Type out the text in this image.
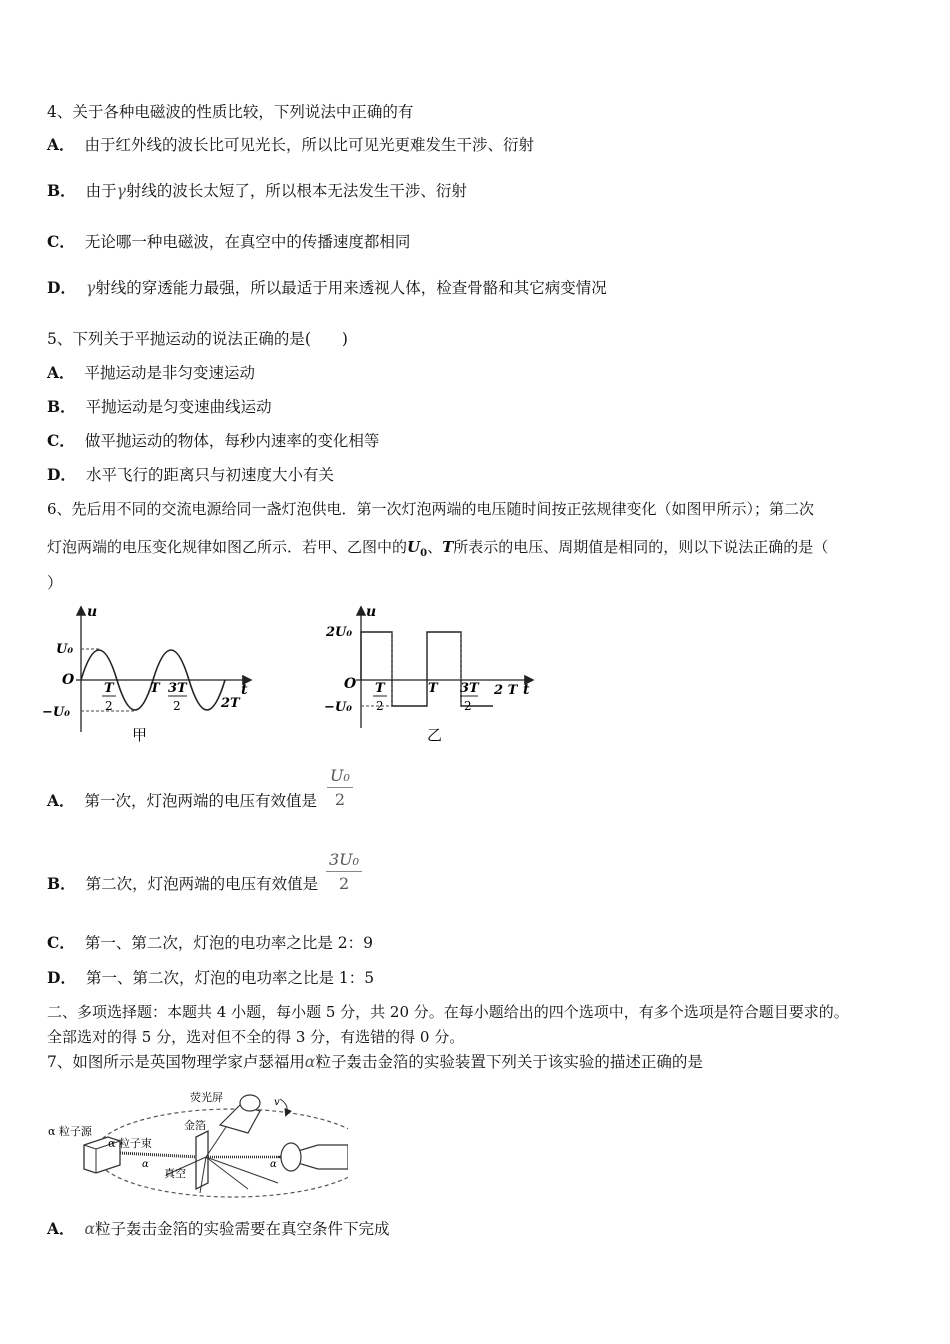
4、关于各种电磁波的性质比较，下列说法中正确的有
A． 由于红外线的波长比可见光长，所以比可见光更难发生干涉、衍射
B． 由于γ射线的波长太短了，所以根本无法发生干涉、衍射
C． 无论哪一种电磁波，在真空中的传播速度都相同
D． γ射线的穿透能力最强，所以最适于用来透视人体，检查骨骼和其它病变情况
5、下列关于平抛运动的说法正确的是(　　)
A． 平抛运动是非匀变速运动
B． 平抛运动是匀变速曲线运动
C． 做平抛运动的物体，每秒内速率的变化相等
D． 水平飞行的距离只与初速度大小有关
6、先后用不同的交流电源给同一盏灯泡供电．第一次灯泡两端的电压随时间按正弦规律变化（如图甲所示）；第二次
灯泡两端的电压变化规律如图乙所示．若甲、乙图中的$U_0$、T所表示的电压、周期值是相同的，则以下说法正确的是（
）
u
t
O
U₀
−U₀
T
2
T 3T
2	2T
甲
u
t
O
2U₀
−U₀
T
2
T 3T
2
2 T
乙
A． 第一次，灯泡两端的电压有效值是
U₀
2
B． 第二次，灯泡两端的电压有效值是
3U₀
2
C． 第一、第二次，灯泡的电功率之比是 2：9
D． 第一、第二次，灯泡的电功率之比是 1：5
二、多项选择题：本题共 4 小题，每小题 5 分，共 20 分。在每小题给出的四个选项中，有多个选项是符合题目要求的。
全部选对的得 5 分，选对但不全的得 3 分，有选错的得 0 分。
7、如图所示是英国物理学家卢瑟福用α粒子轰击金箔的实验装置下列关于该实验的描述正确的是
α 粒子源
α 粒子束
金箔
荧光屏
真空
α	α
v
A． α粒子轰击金箔的实验需要在真空条件下完成
